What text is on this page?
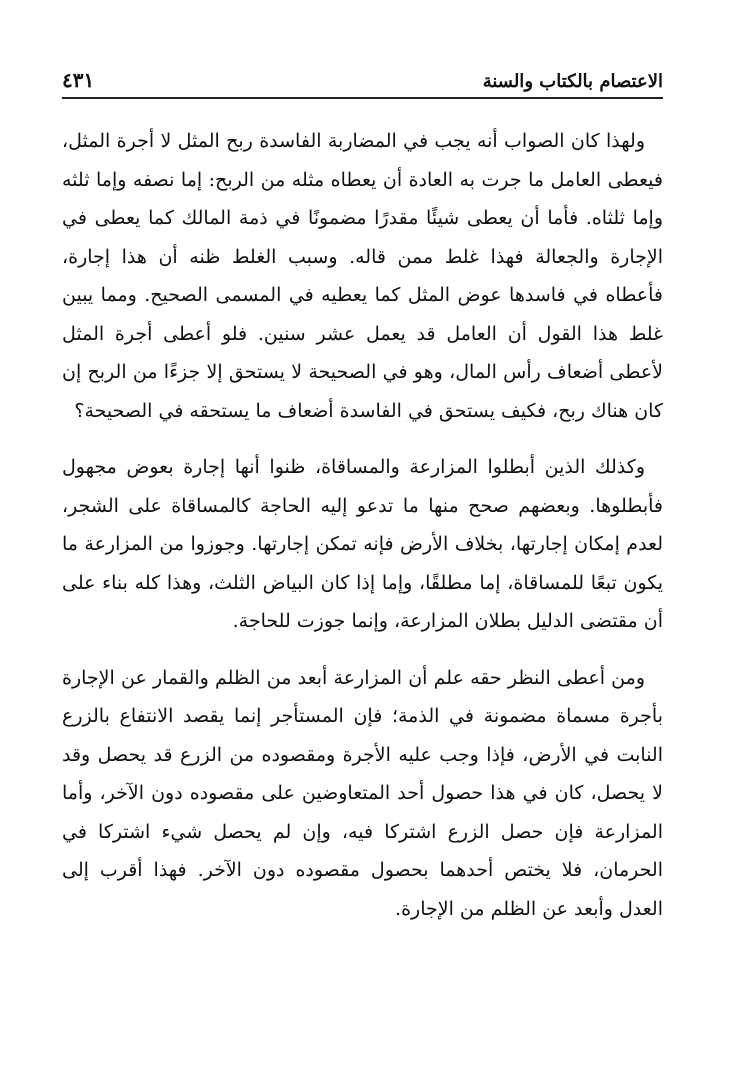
الاعتصام بالكتاب والسنة
٤٣١

ولهذا كان الصواب أنه يجب في المضاربة الفاسدة ربح المثل لا أجرة المثل، فيعطى العامل ما جرت به العادة أن يعطاه مثله من الربح: إما نصفه وإما ثلثه وإما ثلثاه. فأما أن يعطى شيئًا مقدرًا مضمونًا في ذمة المالك كما يعطى في الإجارة والجعالة فهذا غلط ممن قاله. وسبب الغلط ظنه أن هذا إجارة، فأعطاه في فاسدها عوض المثل كما يعطيه في المسمى الصحيح. ومما يبين غلط هذا القول أن العامل قد يعمل عشر سنين. فلو أعطى أجرة المثل لأعطى أضعاف رأس المال، وهو في الصحيحة لا يستحق إلا جزءًا من الربح إن كان هناك ربح، فكيف يستحق في الفاسدة أضعاف ما يستحقه في الصحيحة؟

وكذلك الذين أبطلوا المزارعة والمساقاة، ظنوا أنها إجارة بعوض مجهول فأبطلوها. وبعضهم صحح منها ما تدعو إليه الحاجة كالمساقاة على الشجر، لعدم إمكان إجارتها، بخلاف الأرض فإنه تمكن إجارتها. وجوزوا من المزارعة ما يكون تبعًا للمساقاة، إما مطلقًا، وإما إذا كان البياض الثلث، وهذا كله بناء على أن مقتضى الدليل بطلان المزارعة، وإنما جوزت للحاجة.

ومن أعطى النظر حقه علم أن المزارعة أبعد من الظلم والقمار عن الإجارة بأجرة مسماة مضمونة في الذمة؛ فإن المستأجر إنما يقصد الانتفاع بالزرع النابت في الأرض، فإذا وجب عليه الأجرة ومقصوده من الزرع قد يحصل وقد لا يحصل، كان في هذا حصول أحد المتعاوضين على مقصوده دون الآخر، وأما المزارعة فإن حصل الزرع اشتركا فيه، وإن لم يحصل شيء اشتركا في الحرمان، فلا يختص أحدهما بحصول مقصوده دون الآخر. فهذا أقرب إلى العدل وأبعد عن الظلم من الإجارة.
